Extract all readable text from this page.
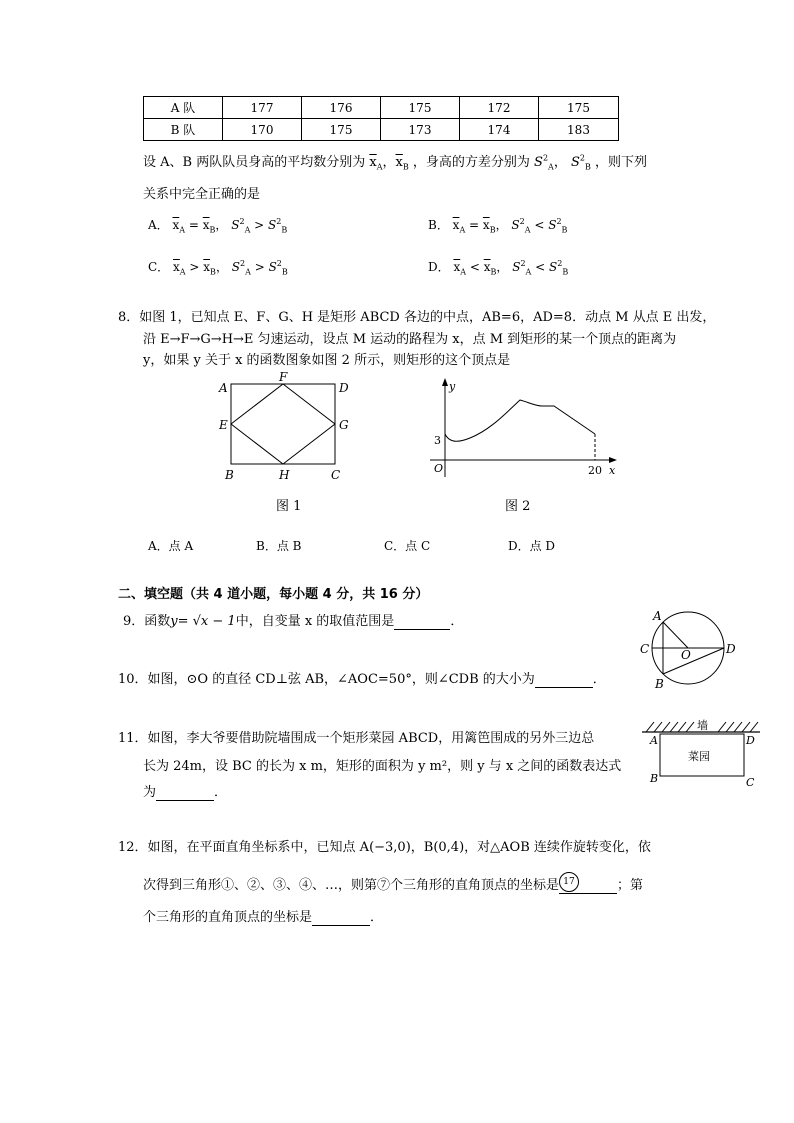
A 队	177	176	175	172	175
B 队	170	175	173	174	183
设 A、B 两队队员身高的平均数分别为 $\overline{x}_A$，$\overline{x}_B$ ，身高的方差分别为 $S^2_A$， $S^2_B$ ，则下列
关系中完全正确的是
A． $\overline{x}_A = \overline{x}_B$， $S^2_A > S^2_B$	B． $\overline{x}_A = \overline{x}_B$， $S^2_A < S^2_B$
C． $\overline{x}_A > \overline{x}_B$， $S^2_A > S^2_B$	D． $\overline{x}_A < \overline{x}_B$， $S^2_A < S^2_B$
8．如图 1，已知点 E、F、G、H 是矩形 ABCD 各边的中点，AB=6，AD=8．动点 M 从点 E 出发，
沿 E→F→G→H→E 匀速运动，设点 M 运动的路程为 x，点 M 到矩形的某一个顶点的距离为
y，如果 y 关于 x 的函数图象如图 2 所示，则矩形的这个顶点是
A
F
D
E	G
B	H	C
图 1
y
x
O
3
20
图 2
A．点 A	B．点 B	C．点 C	D．点 D
二、填空题（共 4 道小题，每小题 4 分，共 16 分）
9．函数y= √x − 1中，自变量 x 的取值范围是	．
10．如图，⊙O 的直径 CD⊥弦 AB，∠AOC=50°，则∠CDB 的大小为	．
A
C	O	D
B
11．如图，李大爷要借助院墙围成一个矩形菜园 ABCD，用篱笆围成的另外三边总
长为 24m，设 BC 的长为 x m，矩形的面积为 y m²，则 y 与 x 之间的函数表达式
为	．
墙
菜园
A	D
B	C
12．如图，在平面直角坐标系中，已知点 A(−3,0)，B(0,4)，对△AOB 连续作旋转变化，依
次得到三角形①、②、③、④、…，则第⑦个三角形的直角顶点的坐标是 17	；第
个三角形的直角顶点的坐标是	．
